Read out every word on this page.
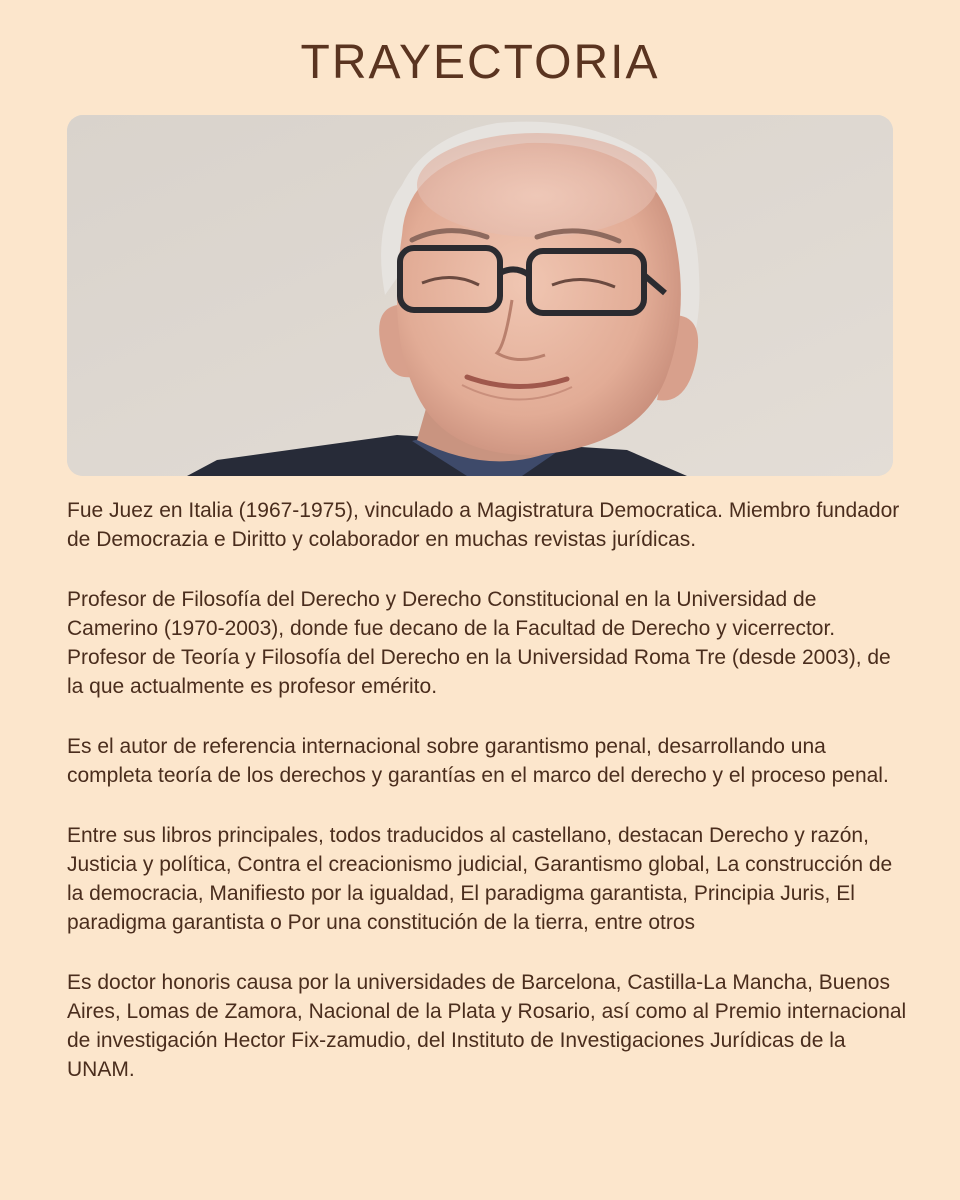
TRAYECTORIA

Fue Juez en Italia (1967-1975), vinculado a Magistratura Democratica. Miembro fundador de Democrazia e Diritto y colaborador en muchas revistas jurídicas.

Profesor de Filosofía del Derecho y Derecho Constitucional en la Universidad de Camerino (1970-2003), donde fue decano de la Facultad de Derecho y vicerrector. Profesor de Teoría y Filosofía del Derecho en la Universidad Roma Tre (desde 2003), de la que actualmente es profesor emérito.

Es el autor de referencia internacional sobre garantismo penal, desarrollando una completa teoría de los derechos y garantías en el marco del derecho y el proceso penal.

Entre sus libros principales, todos traducidos al castellano, destacan Derecho y razón, Justicia y política, Contra el creacionismo judicial, Garantismo global, La construcción de la democracia, Manifiesto por la igualdad, El paradigma garantista, Principia Juris, El paradigma garantista o Por una constitución de la tierra, entre otros

Es doctor honoris causa por la universidades de Barcelona, Castilla-La Mancha, Buenos Aires, Lomas de Zamora, Nacional de la Plata y Rosario, así como al Premio internacional de investigación Hector Fix-zamudio, del Instituto de Investigaciones Jurídicas de la UNAM.
